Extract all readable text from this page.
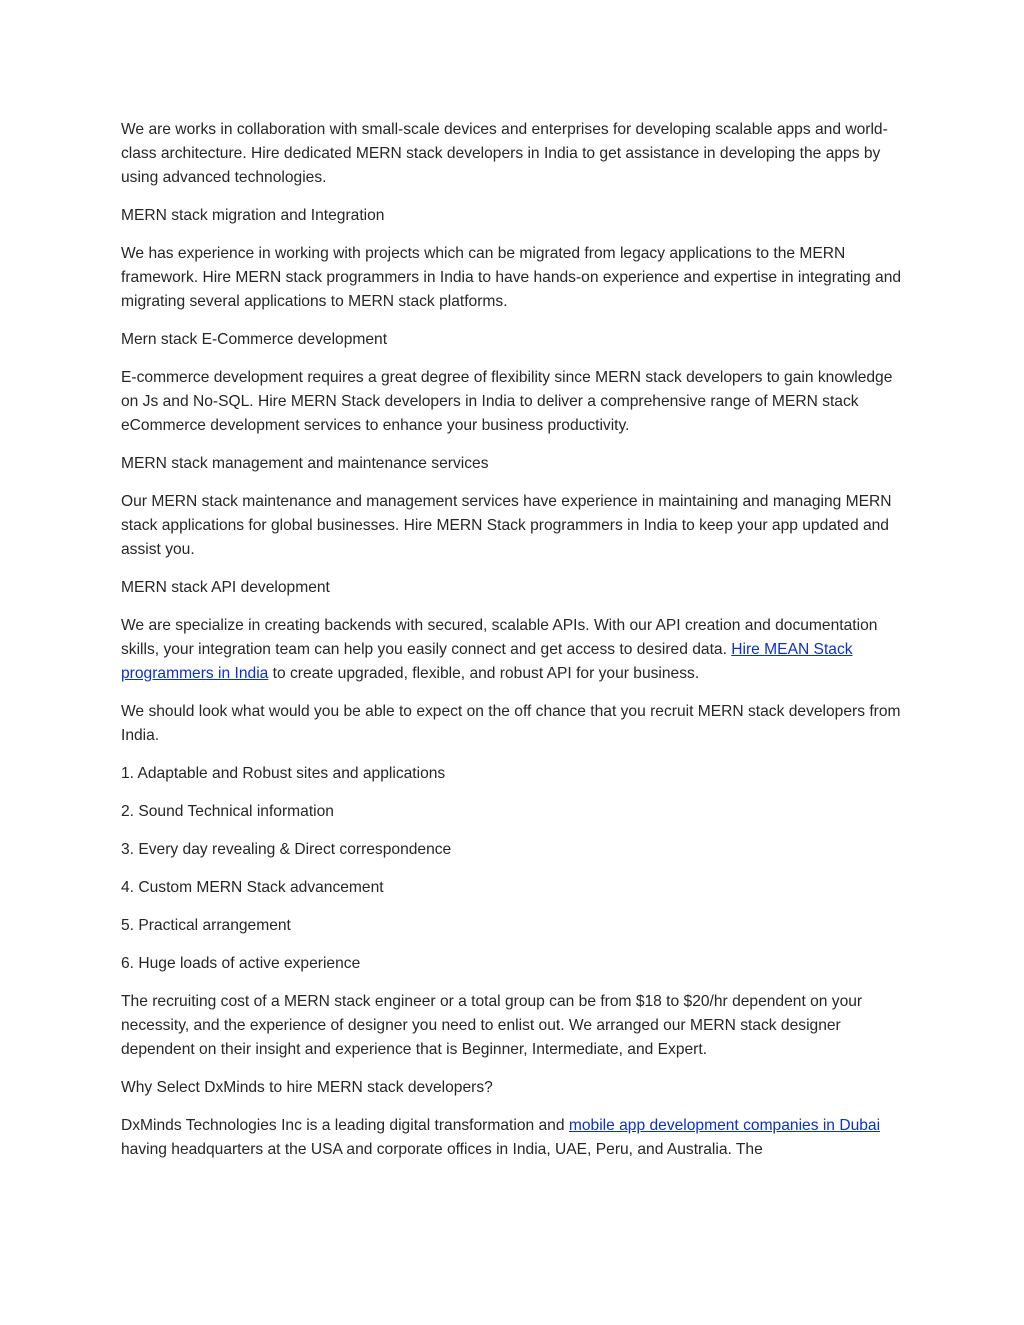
We are works in collaboration with small-scale devices and enterprises for developing scalable apps and world-class architecture. Hire dedicated MERN stack developers in India to get assistance in developing the apps by using advanced technologies.

MERN stack migration and Integration

We has experience in working with projects which can be migrated from legacy applications to the MERN framework. Hire MERN stack programmers in India to have hands-on experience and expertise in integrating and migrating several applications to MERN stack platforms.

Mern stack E-Commerce development

E-commerce development requires a great degree of flexibility since MERN stack developers to gain knowledge on Js and No-SQL. Hire MERN Stack developers in India to deliver a comprehensive range of MERN stack eCommerce development services to enhance your business productivity.

MERN stack management and maintenance services

Our MERN stack maintenance and management services have experience in maintaining and managing MERN stack applications for global businesses. Hire MERN Stack programmers in India to keep your app updated and assist you.

MERN stack API development

We are specialize in creating backends with secured, scalable APIs. With our API creation and documentation skills, your integration team can help you easily connect and get access to desired data. Hire MEAN Stack programmers in India to create upgraded, flexible, and robust API for your business.

We should look what would you be able to expect on the off chance that you recruit MERN stack developers from India.

1. Adaptable and Robust sites and applications

2. Sound Technical information

3. Every day revealing & Direct correspondence

4. Custom MERN Stack advancement

5. Practical arrangement

6. Huge loads of active experience

The recruiting cost of a MERN stack engineer or a total group can be from $18 to $20/hr dependent on your necessity, and the experience of designer you need to enlist out. We arranged our MERN stack designer dependent on their insight and experience that is Beginner, Intermediate, and Expert.

Why Select DxMinds to hire MERN stack developers?

DxMinds Technologies Inc is a leading digital transformation and mobile app development companies in Dubai having headquarters at the USA and corporate offices in India, UAE, Peru, and Australia. The
